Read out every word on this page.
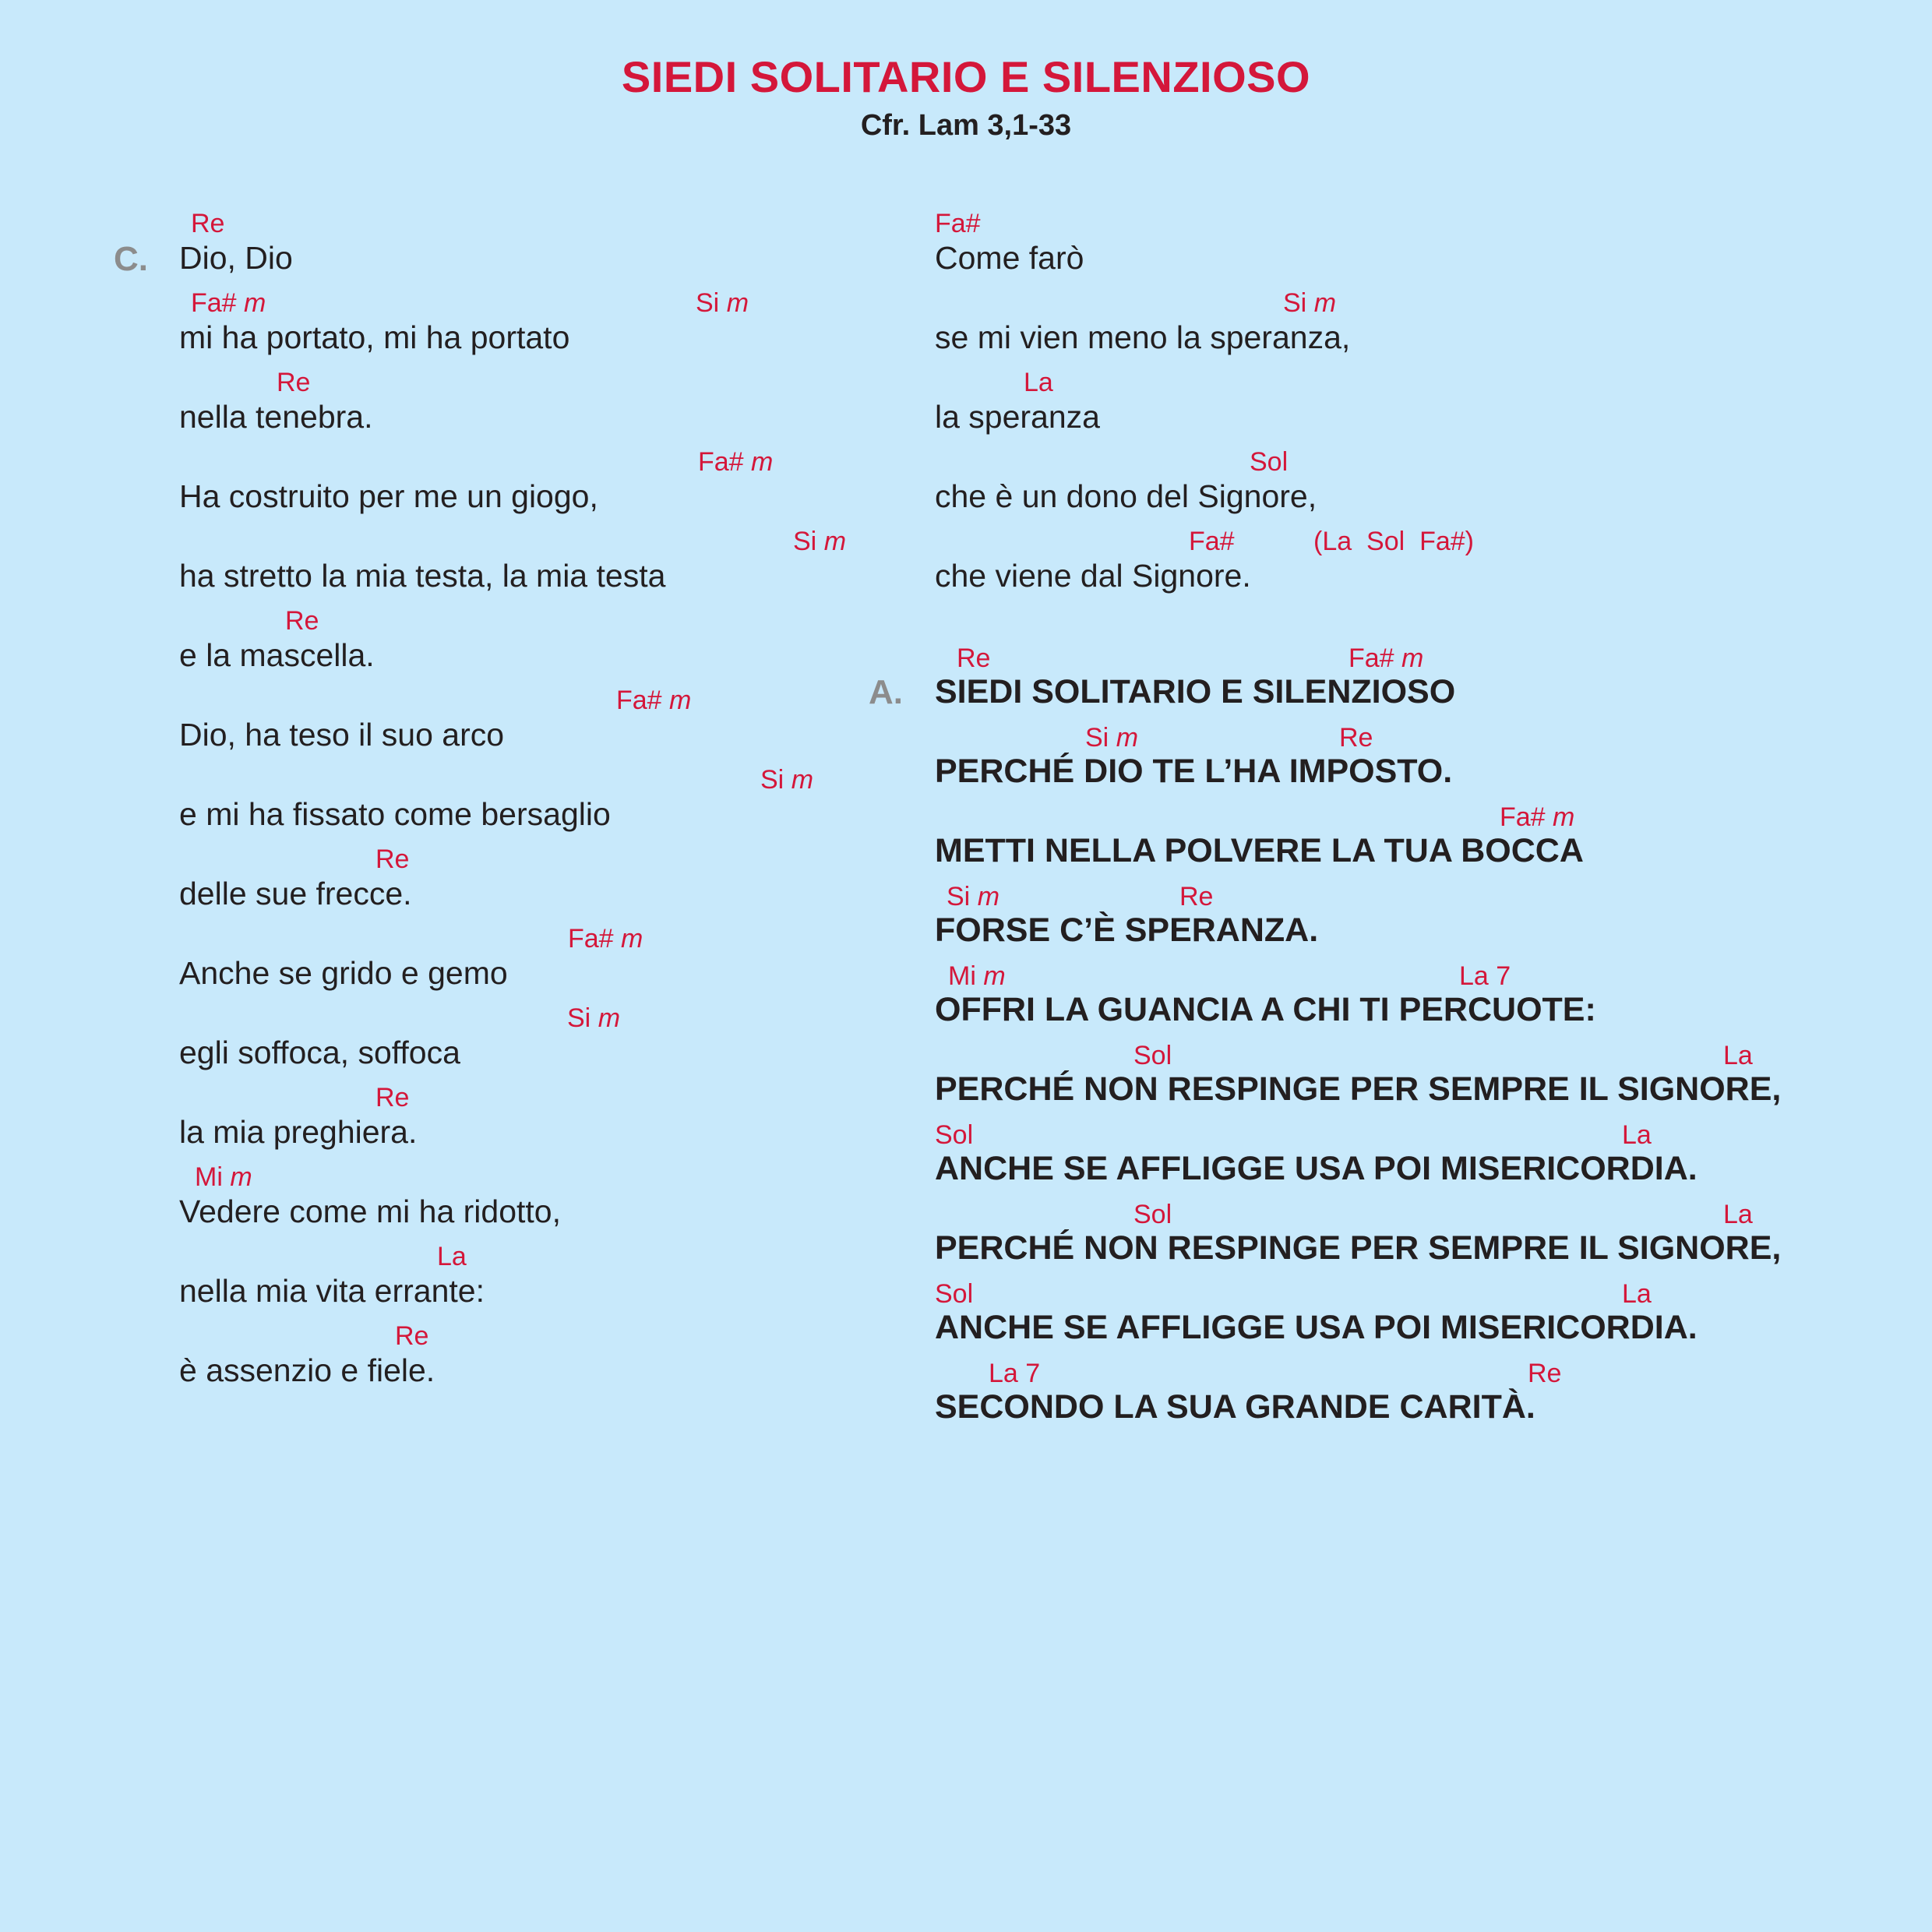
SIEDI SOLITARIO E SILENZIOSO
Cfr. Lam 3,1-33
C.
Re
Dio, Dio
Fa# m	Si m
mi ha portato, mi ha portato
Re
nella tenebra.
Fa# m
Ha costruito per me un giogo,
Si m
ha stretto la mia testa, la mia testa
Re
e la mascella.
Fa# m
Dio, ha teso il suo arco
Si m
e mi ha fissato come bersaglio
Re
delle sue frecce.
Fa# m
Anche se grido e gemo
Si m
egli soffoca, soffoca
Re
la mia preghiera.
Mi m
Vedere come mi ha ridotto,
La
nella mia vita errante:
Re
è assenzio e fiele.
Fa#
Come farò
Si m
se mi vien meno la speranza,
La
la speranza
Sol
che è un dono del Signore,
Fa#	(La  Sol  Fa#)
che viene dal Signore.
A.
Re	Fa# m
SIEDI SOLITARIO E SILENZIOSO
Si m	Re
PERCHÉ DIO TE L’HA IMPOSTO.
Fa# m
METTI NELLA POLVERE LA TUA BOCCA
Si m	Re
FORSE C’È SPERANZA.
Mi m	La 7
OFFRI LA GUANCIA A CHI TI PERCUOTE:
Sol	La
PERCHÉ NON RESPINGE PER SEMPRE IL SIGNORE,
Sol	La
ANCHE SE AFFLIGGE USA POI MISERICORDIA.
Sol	La
PERCHÉ NON RESPINGE PER SEMPRE IL SIGNORE,
Sol	La
ANCHE SE AFFLIGGE USA POI MISERICORDIA.
La 7	Re
SECONDO LA SUA GRANDE CARITÀ.
